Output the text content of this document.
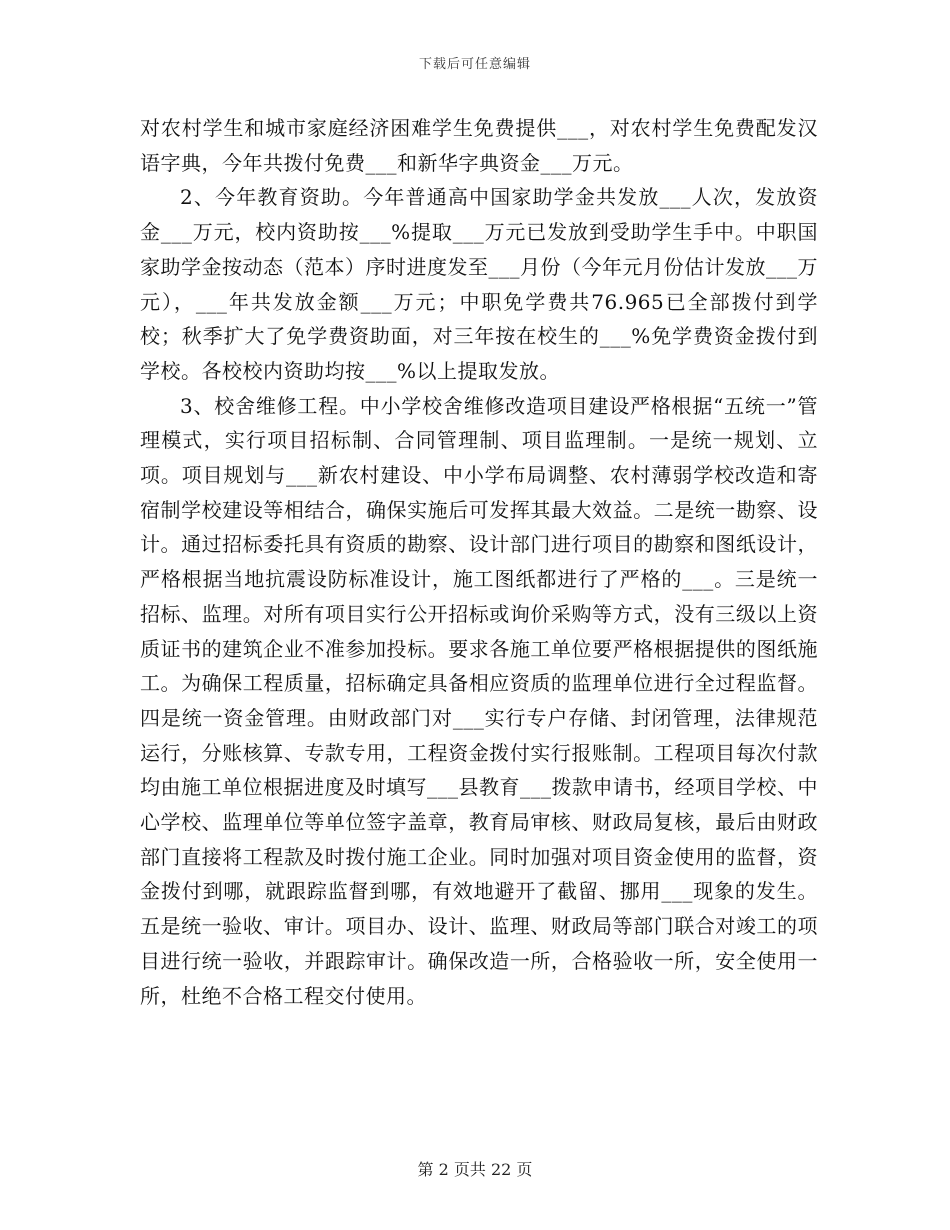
下载后可任意编辑

对农村学生和城市家庭经济困难学生免费提供___，对农村学生免费配发汉语字典，今年共拨付免费___和新华字典资金___万元。

2、今年教育资助。今年普通高中国家助学金共发放___人次，发放资金___万元，校内资助按___%提取___万元已发放到受助学生手中。中职国家助学金按动态（范本）序时进度发至___月份（今年元月份估计发放___万元），___年共发放金额___万元；中职免学费共76.965已全部拨付到学校；秋季扩大了免学费资助面，对三年按在校生的___%免学费资金拨付到学校。各校校内资助均按___%以上提取发放。

3、校舍维修工程。中小学校舍维修改造项目建设严格根据“五统一”管理模式，实行项目招标制、合同管理制、项目监理制。一是统一规划、立项。项目规划与___新农村建设、中小学布局调整、农村薄弱学校改造和寄宿制学校建设等相结合，确保实施后可发挥其最大效益。二是统一勘察、设计。通过招标委托具有资质的勘察、设计部门进行项目的勘察和图纸设计，严格根据当地抗震设防标准设计，施工图纸都进行了严格的___。三是统一招标、监理。对所有项目实行公开招标或询价采购等方式，没有三级以上资质证书的建筑企业不准参加投标。要求各施工单位要严格根据提供的图纸施工。为确保工程质量，招标确定具备相应资质的监理单位进行全过程监督。四是统一资金管理。由财政部门对___实行专户存储、封闭管理，法律规范运行，分账核算、专款专用，工程资金拨付实行报账制。工程项目每次付款均由施工单位根据进度及时填写___县教育___拨款申请书，经项目学校、中心学校、监理单位等单位签字盖章，教育局审核、财政局复核，最后由财政部门直接将工程款及时拨付施工企业。同时加强对项目资金使用的监督，资金拨付到哪，就跟踪监督到哪，有效地避开了截留、挪用___现象的发生。五是统一验收、审计。项目办、设计、监理、财政局等部门联合对竣工的项目进行统一验收，并跟踪审计。确保改造一所，合格验收一所，安全使用一所，杜绝不合格工程交付使用。

第 2 页共 22 页
